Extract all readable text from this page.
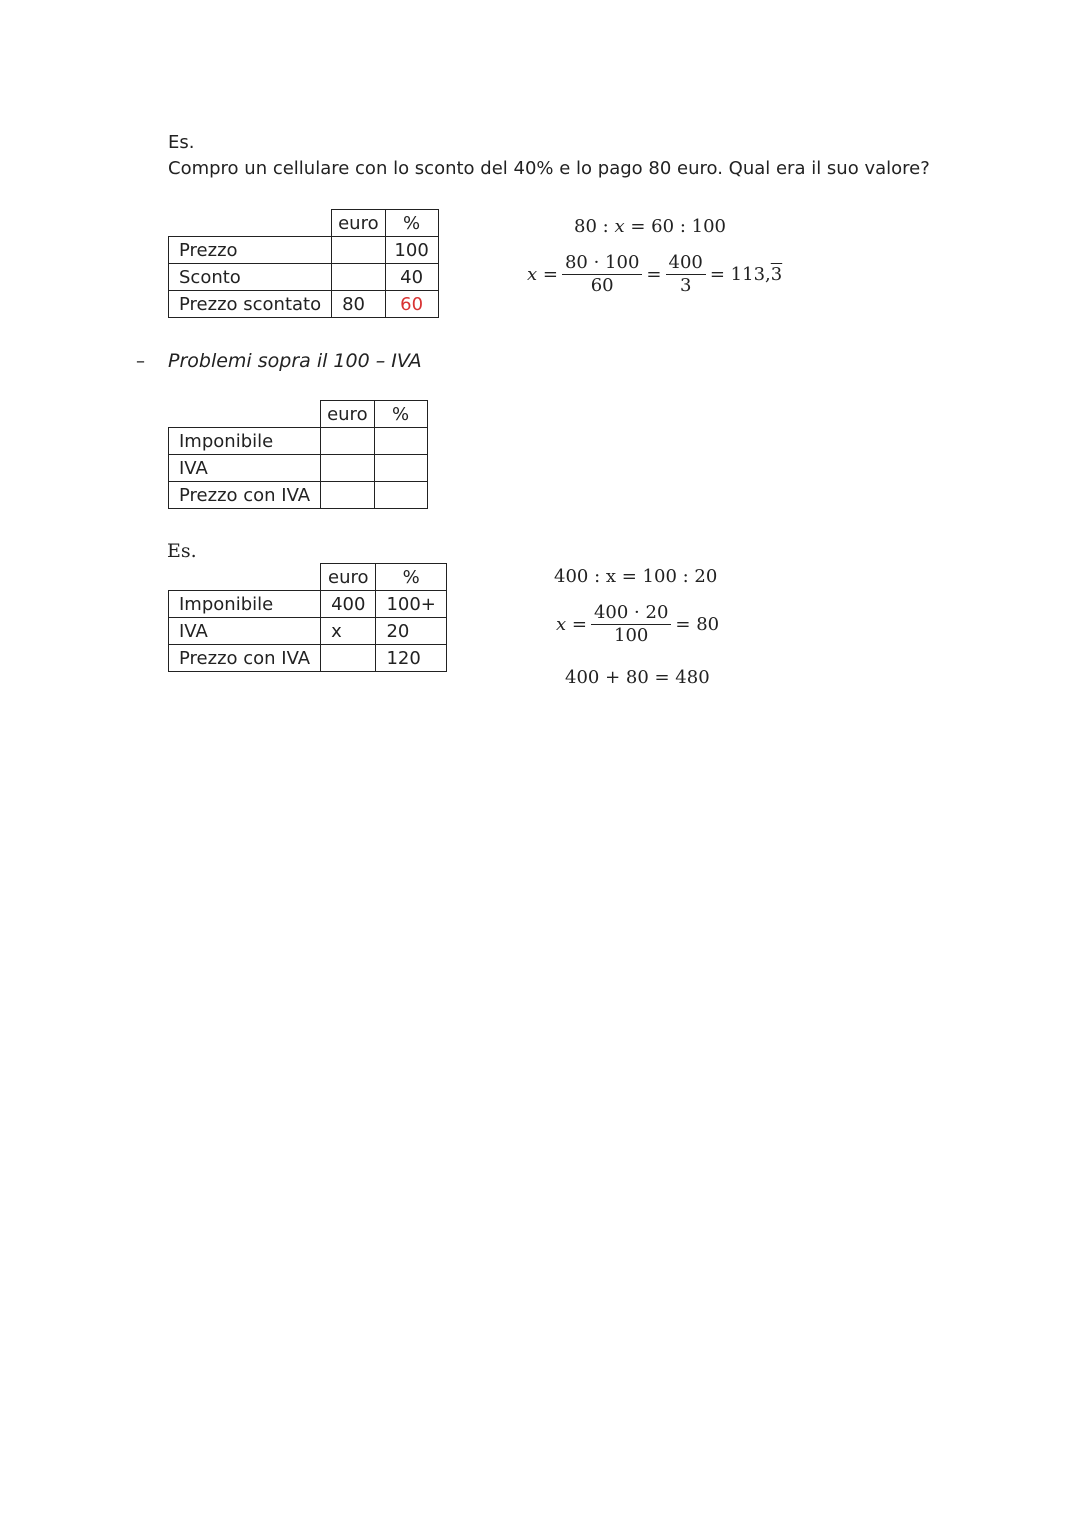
Es.
Compro un cellulare con lo sconto del 40% e lo pago 80 euro. Qual era il suo valore?
	euro	%
Prezzo		100
Sconto		40
Prezzo scontato	80	60
80 : x = 60 : 100
$x = \frac{80 \cdot 100}{60} = \frac{400}{3} = 113$, 3
– Problemi sopra il 100 – IVA
	euro	%
Imponibile		
IVA		
Prezzo con IVA		
Es.
	euro	%
Imponibile	400	100+
IVA	x	20
Prezzo con IVA		120
400 : x = 100 : 20
$x = \frac{400 \cdot 20}{100} = 80$
400 + 80 = 480
